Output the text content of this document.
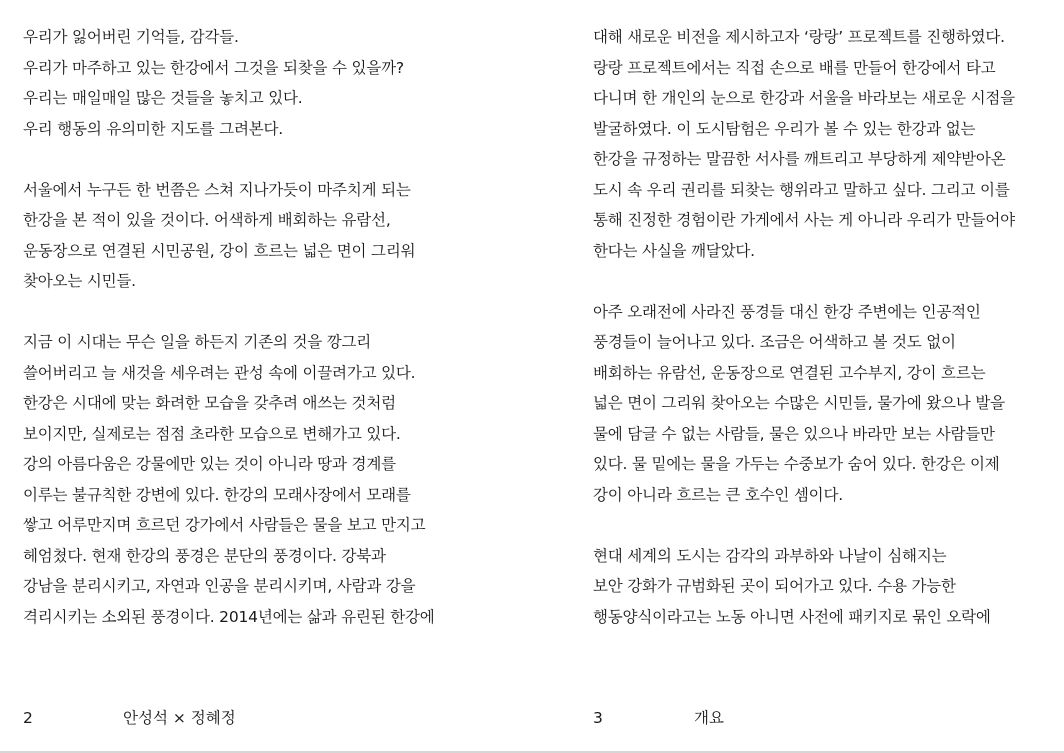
우리가 잃어버린 기억들, 감각들.
우리가 마주하고 있는 한강에서 그것을 되찾을 수 있을까?
우리는 매일매일 많은 것들을 놓치고 있다.
우리 행동의 유의미한 지도를 그려본다.

서울에서 누구든 한 번쯤은 스쳐 지나가듯이 마주치게 되는
한강을 본 적이 있을 것이다. 어색하게 배회하는 유람선,
운동장으로 연결된 시민공원, 강이 흐르는 넓은 면이 그리워
찾아오는 시민들.

지금 이 시대는 무슨 일을 하든지 기존의 것을 깡그리
쓸어버리고 늘 새것을 세우려는 관성 속에 이끌려가고 있다.
한강은 시대에 맞는 화려한 모습을 갖추려 애쓰는 것처럼
보이지만, 실제로는 점점 초라한 모습으로 변해가고 있다.
강의 아름다움은 강물에만 있는 것이 아니라 땅과 경계를
이루는 불규칙한 강변에 있다. 한강의 모래사장에서 모래를
쌓고 어루만지며 흐르던 강가에서 사람들은 물을 보고 만지고
헤엄쳤다. 현재 한강의 풍경은 분단의 풍경이다. 강북과
강남을 분리시키고, 자연과 인공을 분리시키며, 사람과 강을
격리시키는 소외된 풍경이다. 2014년에는 삶과 유린된 한강에

2	안성석 × 정혜정

대해 새로운 비전을 제시하고자 ‘랑랑’ 프로젝트를 진행하였다.
랑랑 프로젝트에서는 직접 손으로 배를 만들어 한강에서 타고
다니며 한 개인의 눈으로 한강과 서울을 바라보는 새로운 시점을
발굴하였다. 이 도시탐험은 우리가 볼 수 있는 한강과 없는
한강을 규정하는 말끔한 서사를 깨트리고 부당하게 제약받아온
도시 속 우리 권리를 되찾는 행위라고 말하고 싶다. 그리고 이를
통해 진정한 경험이란 가게에서 사는 게 아니라 우리가 만들어야
한다는 사실을 깨달았다.

아주 오래전에 사라진 풍경들 대신 한강 주변에는 인공적인
풍경들이 늘어나고 있다. 조금은 어색하고 볼 것도 없이
배회하는 유람선, 운동장으로 연결된 고수부지, 강이 흐르는
넓은 면이 그리워 찾아오는 수많은 시민들, 물가에 왔으나 발을
물에 담글 수 없는 사람들, 물은 있으나 바라만 보는 사람들만
있다. 물 밑에는 물을 가두는 수중보가 숨어 있다. 한강은 이제
강이 아니라 흐르는 큰 호수인 셈이다.

현대 세계의 도시는 감각의 과부하와 나날이 심해지는
보안 강화가 규범화된 곳이 되어가고 있다. 수용 가능한
행동양식이라고는 노동 아니면 사전에 패키지로 묶인 오락에

3	개요
